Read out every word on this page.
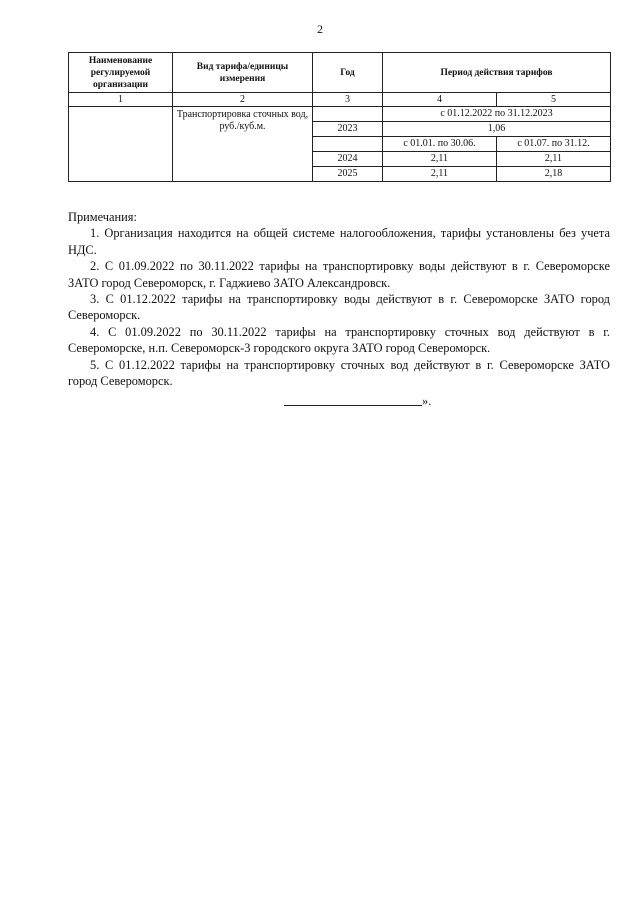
2
Наименование регулируемой организации	Вид тарифа/единицы измерения	Год	Период действия тарифов	
1	2	3	4	5
	Транспортировка сточных вод, руб./куб.м.		с 01.12.2022 по 31.12.2023	
		2023	1,06	
			с 01.01. по 30.06.	с 01.07. по 31.12.
		2024	2,11	2,11
		2025	2,11	2,18

Примечания:

1. Организация находится на общей системе налогообложения, тарифы установлены без учета НДС.

2. С 01.09.2022 по 30.11.2022 тарифы на транспортировку воды действуют в г. Североморске ЗАТО город Североморск, г. Гаджиево ЗАТО Александровск.

3. С 01.12.2022 тарифы на транспортировку воды действуют в г. Североморске ЗАТО город Североморск.

4. С 01.09.2022 по 30.11.2022 тарифы на транспортировку сточных вод действуют в г. Североморске, н.п. Североморск-3 городского округа ЗАТО город Североморск.

5. С 01.12.2022 тарифы на транспортировку сточных вод действуют в г. Североморске ЗАТО город Североморск.

».
